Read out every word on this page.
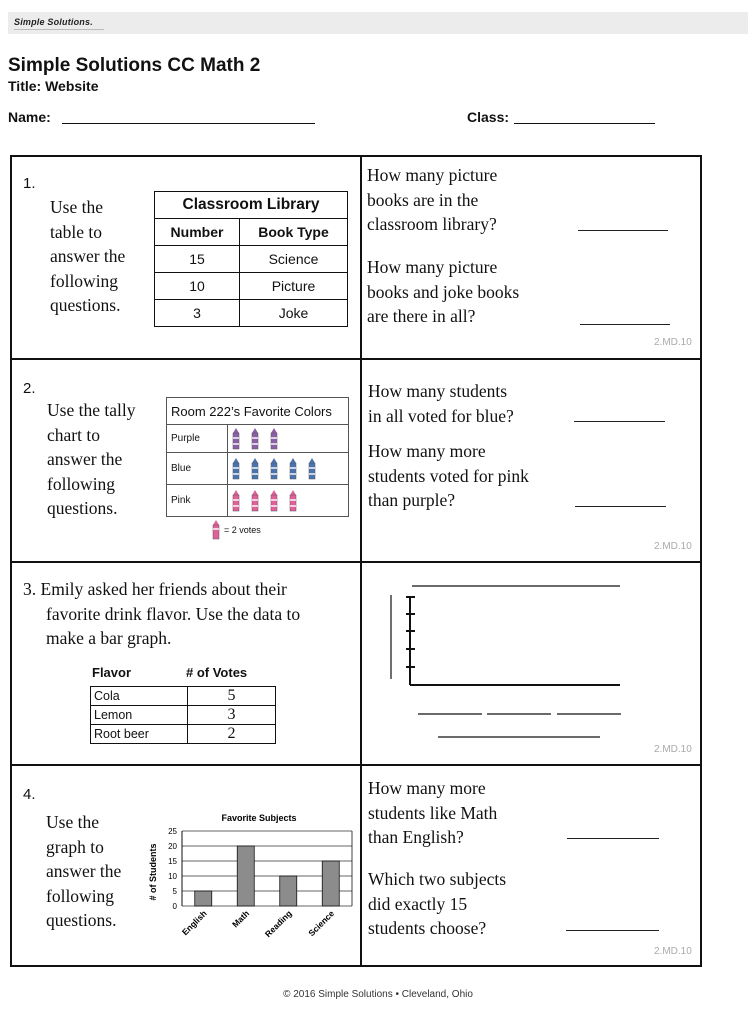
Simple Solutions.
Simple Solutions CC Math 2
Title: Website
Name:	Class:
1.
Use the
table to
answer the
following
questions.
Classroom Library	
Number	Book Type
15	Science
10	Picture
3	Joke
How many picture
books are in the
classroom library?
How many picture
books and joke books
are there in all?
2.MD.10
2.
Use the tally
chart to
answer the
following
questions.
Room 222’s Favorite Colors	
Purple	

Blue	

Pink	
= 2 votes
How many students
in all voted for blue?
How many more
students voted for pink
than purple?
2.MD.10
3. Emily asked her friends about their
favorite drink flavor. Use the data to
make a bar graph.
Flavor	# of Votes
Cola	5
Lemon	3
Root beer	2
2.MD.10
4.
Use the
graph to
answer the
following
questions.
Favorite Subjects
# of Students
0
5
10
15
20
25
English	Math Reading Science
How many more
students like Math
than English?
Which two subjects
did exactly 15
students choose?
2.MD.10
© 2016 Simple Solutions • Cleveland, Ohio
